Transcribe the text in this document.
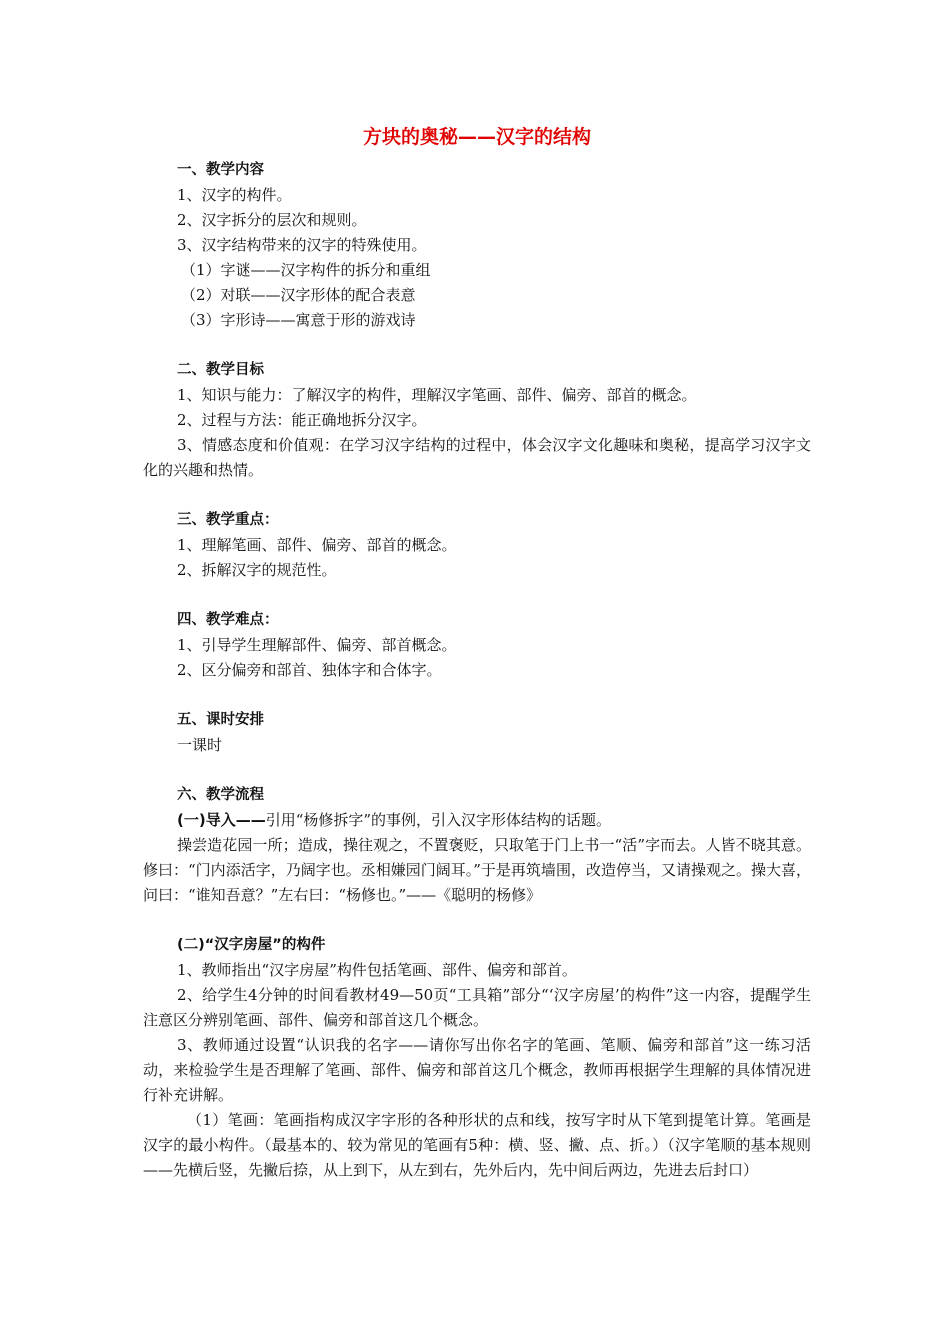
方块的奥秘——汉字的结构
一、教学内容
1、汉字的构件。
2、汉字拆分的层次和规则。
3、汉字结构带来的汉字的特殊使用。
（1）字谜——汉字构件的拆分和重组
（2）对联——汉字形体的配合表意
（3）字形诗——寓意于形的游戏诗
二、教学目标
1、知识与能力：了解汉字的构件，理解汉字笔画、部件、偏旁、部首的概念。
2、过程与方法：能正确地拆分汉字。
3、情感态度和价值观：在学习汉字结构的过程中，体会汉字文化趣味和奥秘，提高学习汉字文化的兴趣和热情。
三、教学重点：
1、理解笔画、部件、偏旁、部首的概念。
2、拆解汉字的规范性。
四、教学难点：
1、引导学生理解部件、偏旁、部首概念。
2、区分偏旁和部首、独体字和合体字。
五、课时安排
一课时
六、教学流程
(一)导入——引用“杨修拆字”的事例，引入汉字形体结构的话题。
操尝造花园一所；造成，操往观之，不置褒贬，只取笔于门上书一“活”字而去。人皆不晓其意。修曰：“门内添活字，乃阔字也。丞相嫌园门阔耳。”于是再筑墙围，改造停当，又请操观之。操大喜，问曰：“谁知吾意？”左右曰：“杨修也。”——《聪明的杨修》
(二)“汉字房屋”的构件
1、教师指出“汉字房屋”构件包括笔画、部件、偏旁和部首。
2、给学生4分钟的时间看教材49—50页“工具箱”部分“‘汉字房屋’的构件”这一内容，提醒学生注意区分辨别笔画、部件、偏旁和部首这几个概念。
3、教师通过设置“认识我的名字——请你写出你名字的笔画、笔顺、偏旁和部首”这一练习活动，来检验学生是否理解了笔画、部件、偏旁和部首这几个概念，教师再根据学生理解的具体情况进行补充讲解。
（1）笔画：笔画指构成汉字字形的各种形状的点和线，按写字时从下笔到提笔计算。笔画是汉字的最小构件。（最基本的、较为常见的笔画有5种：横、竖、撇、点、折。）（汉字笔顺的基本规则——先横后竖，先撇后捺，从上到下，从左到右，先外后内，先中间后两边，先进去后封口）
